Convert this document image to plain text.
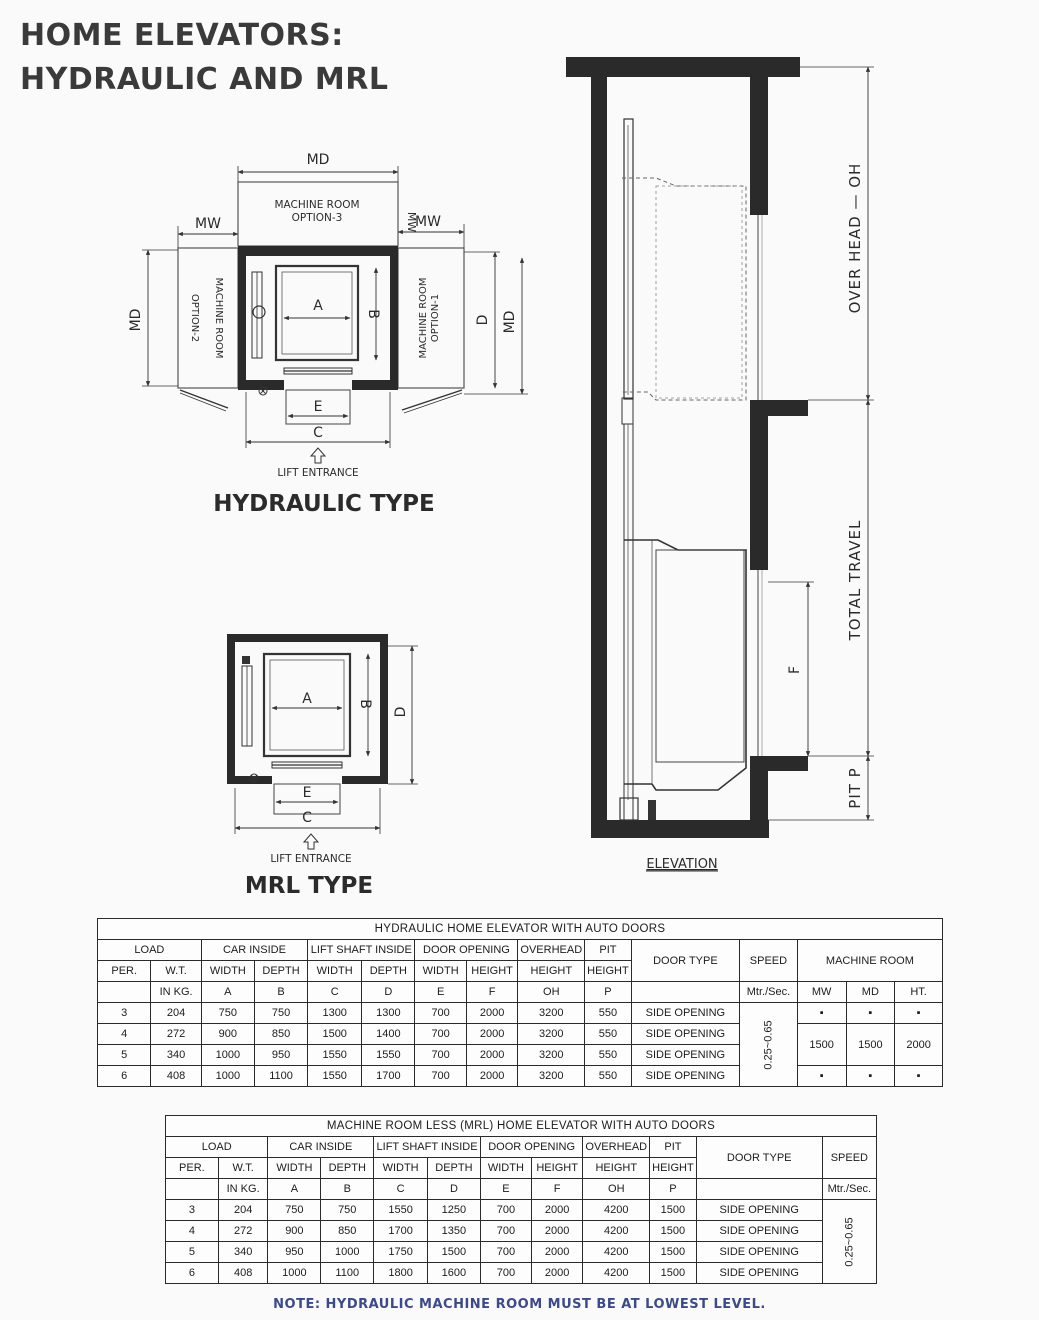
HOME ELEVATORS:
HYDRAULIC AND MRL
MACHINE ROOM
OPTION-3
MD
MACHINE ROOM
OPTION-2
MW
MD	MACHINE ROOM OPTION-1
MW
MW
D MD
A	B
E
C
LIFT ENTRANCE
HYDRAULIC TYPE
A	B
D
E
C
LIFT ENTRANCE
MRL TYPE
F
OVER HEAD — OH
TOTAL TRAVEL
PIT P
ELEVATION
HYDRAULIC HOME ELEVATOR WITH AUTO DOORS														
LOAD		CAR INSIDE		LIFT SHAFT INSIDE		DOOR OPENING		OVERHEAD	PIT	DOOR TYPE	SPEED	MACHINE ROOM		
PER.	W.T.	WIDTH	DEPTH	WIDTH	DEPTH	WIDTH	HEIGHT	HEIGHT	HEIGHT					
	IN KG.	A	B	C	D	E	F	OH	P		Mtr./Sec.	MW	MD	HT.
3	204	750	750	1300	1300	700	2000	3200	550	SIDE OPENING	0.25~0.65	▪	▪	▪
4	272	900	850	1500	1400	700	2000	3200	550	SIDE OPENING		1500	1500	2000
5	340	1000	950	1550	1550	700	2000	3200	550	SIDE OPENING				
6	408	1000	1100	1550	1700	700	2000	3200	550	SIDE OPENING		▪	▪	▪
MACHINE ROOM LESS (MRL) HOME ELEVATOR WITH AUTO DOORS											
LOAD		CAR INSIDE		LIFT SHAFT INSIDE		DOOR OPENING		OVERHEAD	PIT	DOOR TYPE	SPEED
PER.	W.T.	WIDTH	DEPTH	WIDTH	DEPTH	WIDTH	HEIGHT	HEIGHT	HEIGHT		
	IN KG.	A	B	C	D	E	F	OH	P		Mtr./Sec.
3	204	750	750	1550	1250	700	2000	4200	1500	SIDE OPENING	0.25~0.65
4	272	900	850	1700	1350	700	2000	4200	1500	SIDE OPENING	
5	340	950	1000	1750	1500	700	2000	4200	1500	SIDE OPENING	
6	408	1000	1100	1800	1600	700	2000	4200	1500	SIDE OPENING	
NOTE: HYDRAULIC MACHINE ROOM MUST BE AT LOWEST LEVEL.
